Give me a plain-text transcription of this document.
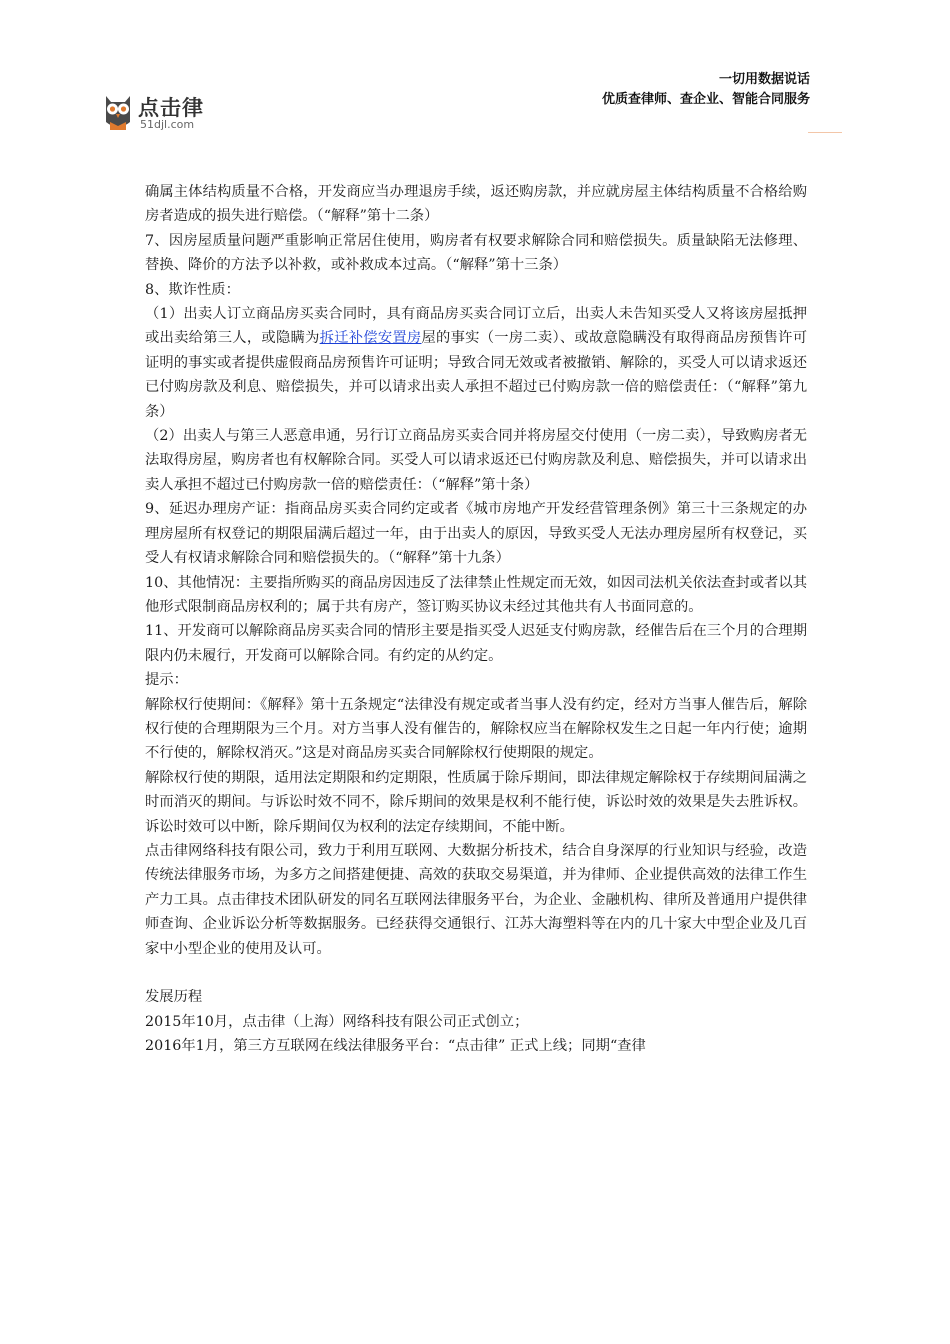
点击律
51djl.com
一切用数据说话
优质查律师、查企业、智能合同服务

确属主体结构质量不合格，开发商应当办理退房手续，返还购房款，并应就房屋主体结构质量不合格给购房者造成的损失进行赔偿。（“解释”第十二条）

7、因房屋质量问题严重影响正常居住使用，购房者有权要求解除合同和赔偿损失。质量缺陷无法修理、替换、降价的方法予以补救，或补救成本过高。（“解释”第十三条）

8、欺诈性质：

（1）出卖人订立商品房买卖合同时，具有商品房买卖合同订立后，出卖人未告知买受人又将该房屋抵押或出卖给第三人，或隐瞒为拆迁补偿安置房屋的事实（一房二卖）、或故意隐瞒没有取得商品房预售许可证明的事实或者提供虚假商品房预售许可证明；导致合同无效或者被撤销、解除的，买受人可以请求返还已付购房款及利息、赔偿损失，并可以请求出卖人承担不超过已付购房款一倍的赔偿责任：（“解释”第九条）

（2）出卖人与第三人恶意串通，另行订立商品房买卖合同并将房屋交付使用（一房二卖），导致购房者无法取得房屋，购房者也有权解除合同。买受人可以请求返还已付购房款及利息、赔偿损失，并可以请求出卖人承担不超过已付购房款一倍的赔偿责任：（“解释”第十条）

9、延迟办理房产证：指商品房买卖合同约定或者《城市房地产开发经营管理条例》第三十三条规定的办理房屋所有权登记的期限届满后超过一年，由于出卖人的原因，导致买受人无法办理房屋所有权登记，买受人有权请求解除合同和赔偿损失的。（“解释”第十九条）

10、其他情况：主要指所购买的商品房因违反了法律禁止性规定而无效，如因司法机关依法查封或者以其他形式限制商品房权利的；属于共有房产，签订购买协议未经过其他共有人书面同意的。

11、开发商可以解除商品房买卖合同的情形主要是指买受人迟延支付购房款，经催告后在三个月的合理期限内仍未履行，开发商可以解除合同。有约定的从约定。

提示：

解除权行使期间：《解释》第十五条规定“法律没有规定或者当事人没有约定，经对方当事人催告后，解除权行使的合理期限为三个月。对方当事人没有催告的，解除权应当在解除权发生之日起一年内行使；逾期不行使的，解除权消灭。”这是对商品房买卖合同解除权行使期限的规定。

解除权行使的期限，适用法定期限和约定期限，性质属于除斥期间，即法律规定解除权于存续期间届满之时而消灭的期间。与诉讼时效不同不，除斥期间的效果是权利不能行使，诉讼时效的效果是失去胜诉权。诉讼时效可以中断，除斥期间仅为权利的法定存续期间，不能中断。

点击律网络科技有限公司，致力于利用互联网、大数据分析技术，结合自身深厚的行业知识与经验，改造传统法律服务市场，为多方之间搭建便捷、高效的获取交易渠道，并为律师、企业提供高效的法律工作生产力工具。点击律技术团队研发的同名互联网法律服务平台，为企业、金融机构、律所及普通用户提供律师查询、企业诉讼分析等数据服务。已经获得交通银行、江苏大海塑料等在内的几十家大中型企业及几百家中小型企业的使用及认可。

发展历程

2015年10月，点击律（上海）网络科技有限公司正式创立；

2016年1月，第三方互联网在线法律服务平台：“点击律” 正式上线；同期“查律
